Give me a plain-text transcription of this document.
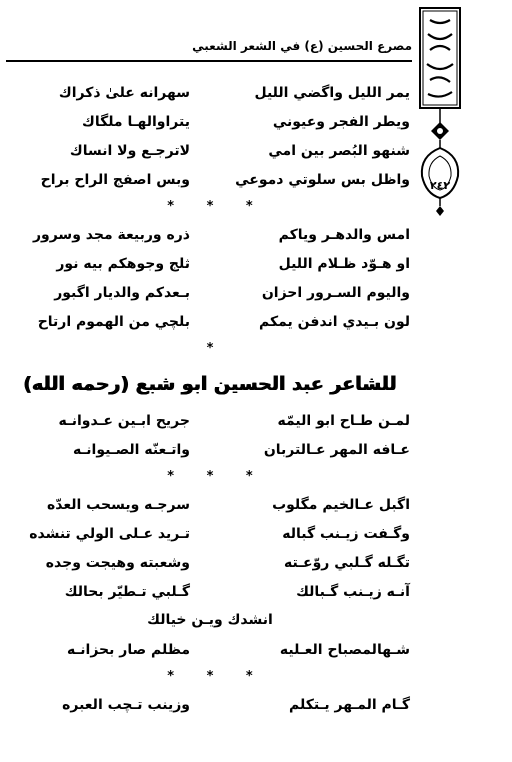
مصرع الحسين (ع) في الشعر الشعبي
٢٤٢
يمر الليل واگضي الليل
سهرانه علىٰ ذكراك
ويطر الفجر وعيوني
يتراوالهـا ملگاك
شنهو البُصر بين امي
لاترجـع ولا انساك
واظل بس سلوتي دموعي
وبس اصفج الراح براح
* * *
امس والدهـر وياكم
ذره وربيعة مجد وسرور
او هـوّد ظـلام الليل
ثلج وجوهكم بيه نور
واليوم السـرور احزان
بـعدكم والديار اگبور
لون بـيدي اندفن يمكم
بلچي من الهموم ارتاح
*
للشاعر عبد الحسين ابو شبع (رحمه الله)
لمـن طـاح ابو اليمّه
جريح ابـين عـدوانـه
عـافه المهر عـالتربان
واتـعنّه الصـيوانـه
* * *
اگبل عـالخيم مگلوب
سرجـه ويسحب العدّه
وگـفت زيـنب گباله
تـريد عـلى الولي تنشده
تگـله گـلبي روّعـته
وشعبته وهيجت وجده
آنـه زيـنب گـبالك
گـلبي تـطيّر بحالك
انشدك ويـن خيالك
شـهالمصباح العـليه
مظلم صار بحزانـه
* * *
گـام المـهر يـتكلم
وزينب تـچب العبره
